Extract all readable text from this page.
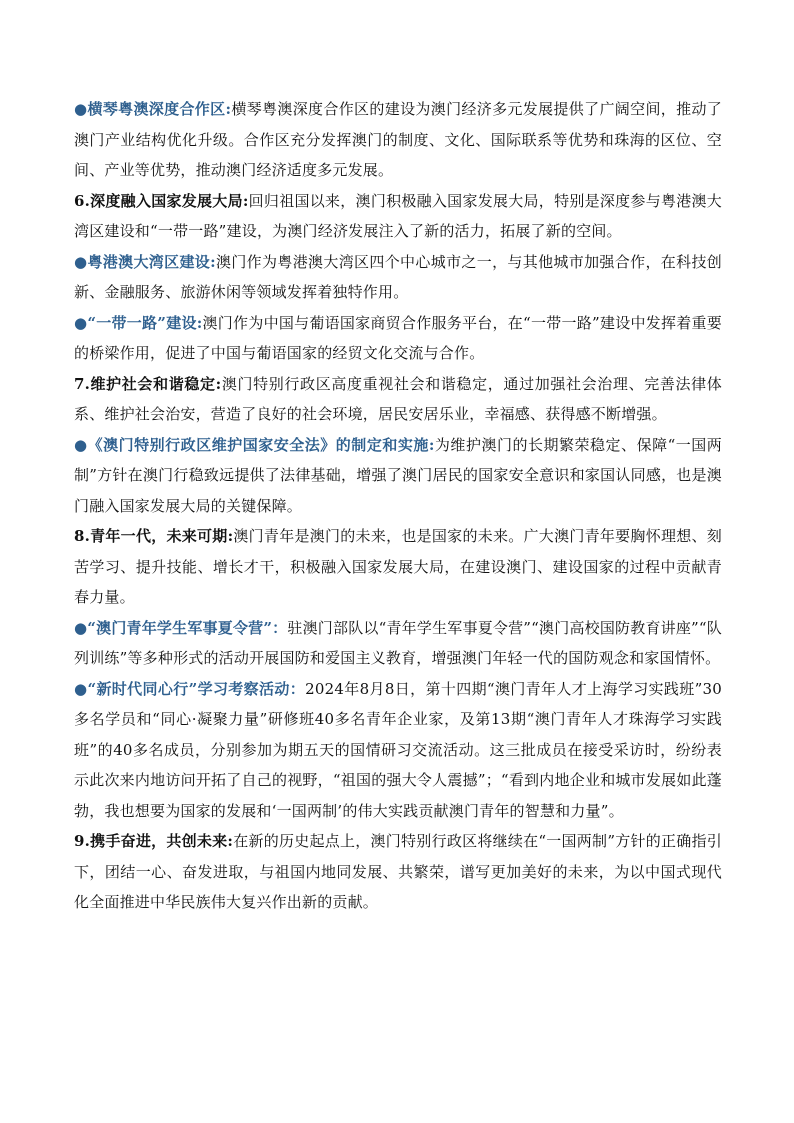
●横琴粤澳深度合作区:横琴粤澳深度合作区的建设为澳门经济多元发展提供了广阔空间，推动了澳门产业结构优化升级。合作区充分发挥澳门的制度、文化、国际联系等优势和珠海的区位、空间、产业等优势，推动澳门经济适度多元发展。

6.深度融入国家发展大局:回归祖国以来，澳门积极融入国家发展大局，特别是深度参与粤港澳大湾区建设和“一带一路”建设，为澳门经济发展注入了新的活力，拓展了新的空间。

●粤港澳大湾区建设:澳门作为粤港澳大湾区四个中心城市之一，与其他城市加强合作，在科技创新、金融服务、旅游休闲等领域发挥着独特作用。

●“一带一路”建设:澳门作为中国与葡语国家商贸合作服务平台，在“一带一路”建设中发挥着重要的桥梁作用，促进了中国与葡语国家的经贸文化交流与合作。

7.维护社会和谐稳定:澳门特别行政区高度重视社会和谐稳定，通过加强社会治理、完善法律体系、维护社会治安，营造了良好的社会环境，居民安居乐业，幸福感、获得感不断增强。

●《澳门特别行政区维护国家安全法》的制定和实施:为维护澳门的长期繁荣稳定、保障“一国两制”方针在澳门行稳致远提供了法律基础，增强了澳门居民的国家安全意识和家国认同感，也是澳门融入国家发展大局的关键保障。

8.青年一代，未来可期:澳门青年是澳门的未来，也是国家的未来。广大澳门青年要胸怀理想、刻苦学习、提升技能、增长才干，积极融入国家发展大局，在建设澳门、建设国家的过程中贡献青春力量。

●“澳门青年学生军事夏令营”：驻澳门部队以“青年学生军事夏令营”“澳门高校国防教育讲座”“队列训练”等多种形式的活动开展国防和爱国主义教育，增强澳门年轻一代的国防观念和家国情怀。

●“新时代同心行”学习考察活动：2024年8月8日，第十四期“澳门青年人才上海学习实践班”30多名学员和“同心·凝聚力量”研修班40多名青年企业家，及第13期“澳门青年人才珠海学习实践班”的40多名成员，分别参加为期五天的国情研习交流活动。这三批成员在接受采访时，纷纷表示此次来内地访问开拓了自己的视野，“祖国的强大令人震撼”；“看到内地企业和城市发展如此蓬勃，我也想要为国家的发展和‘一国两制’的伟大实践贡献澳门青年的智慧和力量”。

9.携手奋进，共创未来:在新的历史起点上，澳门特别行政区将继续在“一国两制”方针的正确指引下，团结一心、奋发进取，与祖国内地同发展、共繁荣，谱写更加美好的未来，为以中国式现代化全面推进中华民族伟大复兴作出新的贡献。
